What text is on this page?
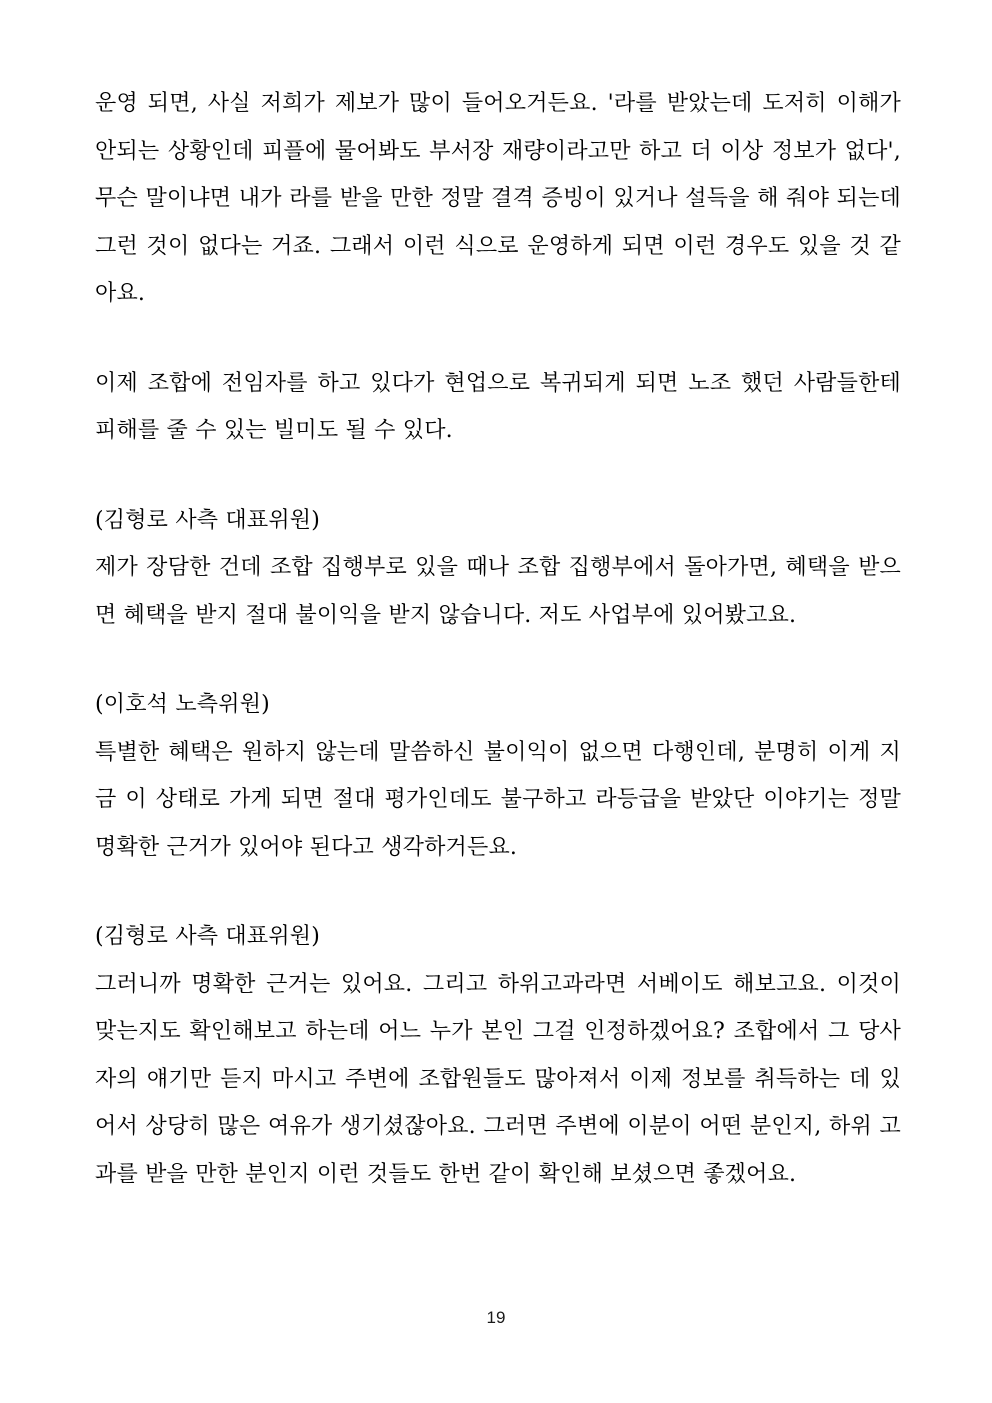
운영 되면, 사실 저희가 제보가 많이 들어오거든요. '라를 받았는데 도저히 이해가 안되는 상황인데 피플에 물어봐도 부서장 재량이라고만 하고 더 이상 정보가 없다', 무슨 말이냐면 내가 라를 받을 만한 정말 결격 증빙이 있거나 설득을 해 줘야 되는데 그런 것이 없다는 거죠. 그래서 이런 식으로 운영하게 되면 이런 경우도 있을 것 같아요.

이제 조합에 전임자를 하고 있다가 현업으로 복귀되게 되면 노조 했던 사람들한테 피해를 줄 수 있는 빌미도 될 수 있다.

(김형로 사측 대표위원)

제가 장담한 건데 조합 집행부로 있을 때나 조합 집행부에서 돌아가면, 혜택을 받으면 혜택을 받지 절대 불이익을 받지 않습니다. 저도 사업부에 있어봤고요.

(이호석 노측위원)

특별한 혜택은 원하지 않는데 말씀하신 불이익이 없으면 다행인데, 분명히 이게 지금 이 상태로 가게 되면 절대 평가인데도 불구하고 라등급을 받았단 이야기는 정말 명확한 근거가 있어야 된다고 생각하거든요.

(김형로 사측 대표위원)

그러니까 명확한 근거는 있어요. 그리고 하위고과라면 서베이도 해보고요. 이것이 맞는지도 확인해보고 하는데 어느 누가 본인 그걸 인정하겠어요? 조합에서 그 당사자의 얘기만 듣지 마시고 주변에 조합원들도 많아져서 이제 정보를 취득하는 데 있어서 상당히 많은 여유가 생기셨잖아요. 그러면 주변에 이분이 어떤 분인지, 하위 고과를 받을 만한 분인지 이런 것들도 한번 같이 확인해 보셨으면 좋겠어요.

19
